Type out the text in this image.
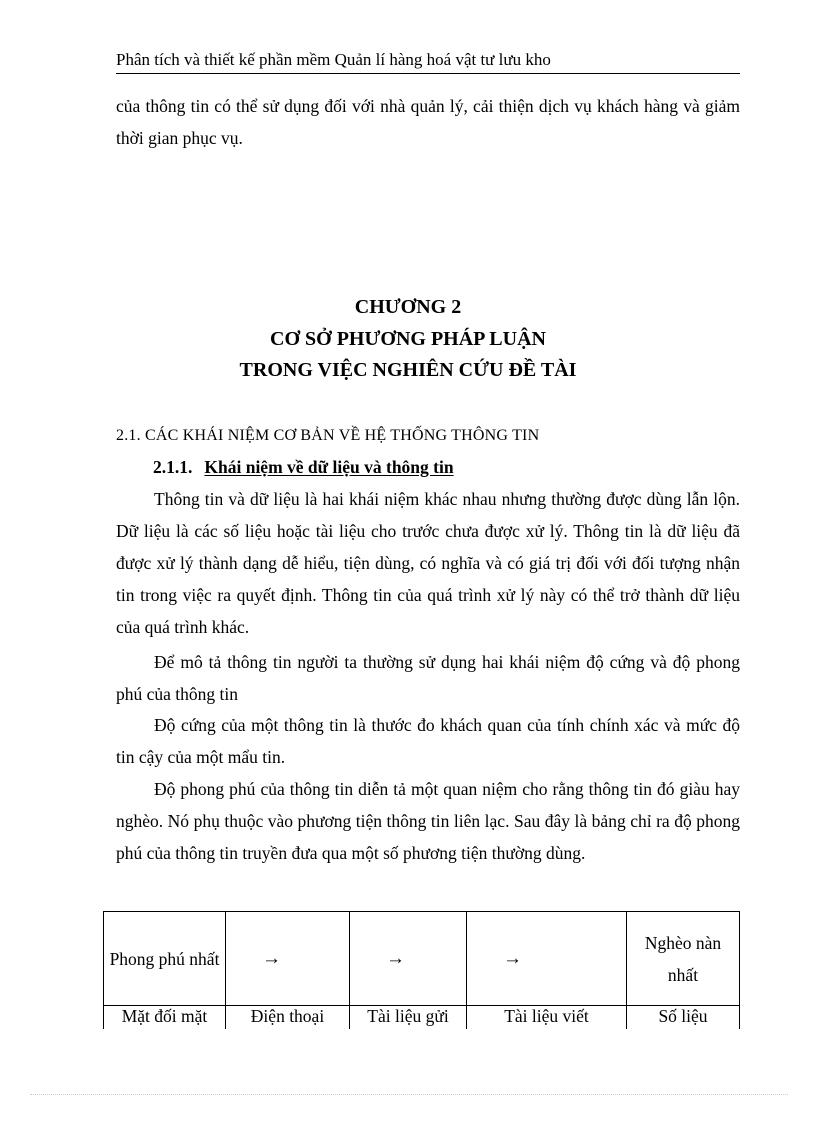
Phân tích và thiết kế phần mềm Quản lí hàng hoá vật tư lưu kho

của thông tin có thể sử dụng đối với nhà quản lý, cải thiện dịch vụ khách hàng và giảm thời gian phục vụ.

CHƯƠNG 2
CƠ SỞ PHƯƠNG PHÁP LUẬN
TRONG VIỆC NGHIÊN CỨU ĐỀ TÀI
2.1. CÁC KHÁI NIỆM CƠ BẢN VỀ HỆ THỐNG THÔNG TIN
2.1.1. Khái niệm về dữ liệu và thông tin

Thông tin và dữ liệu là hai khái niệm khác nhau nhưng thường được dùng lẫn lộn. Dữ liệu là các số liệu hoặc tài liệu cho trước chưa được xử lý. Thông tin là dữ liệu đã được xử lý thành dạng dễ hiểu, tiện dùng, có nghĩa và có giá trị đối với đối tượng nhận tin trong việc ra quyết định. Thông tin của quá trình xử lý này có thể trở thành dữ liệu của quá trình khác.

Để mô tả thông tin người ta thường sử dụng hai khái niệm độ cứng và độ phong phú của thông tin

Độ cứng của một thông tin là thước đo khách quan của tính chính xác và mức độ tin cậy của một mẩu tin.

Độ phong phú của thông tin diễn tả một quan niệm cho rằng thông tin đó giàu hay nghèo. Nó phụ thuộc vào phương tiện thông tin liên lạc. Sau đây là bảng chỉ ra độ phong phú của thông tin truyền đưa qua một số phương tiện thường dùng.

Phong phú nhất	→	→	→	Nghèo nàn nhất
Mặt đối mặt	Điện thoại	Tài liệu gửi	Tài liệu viết	Số liệu
